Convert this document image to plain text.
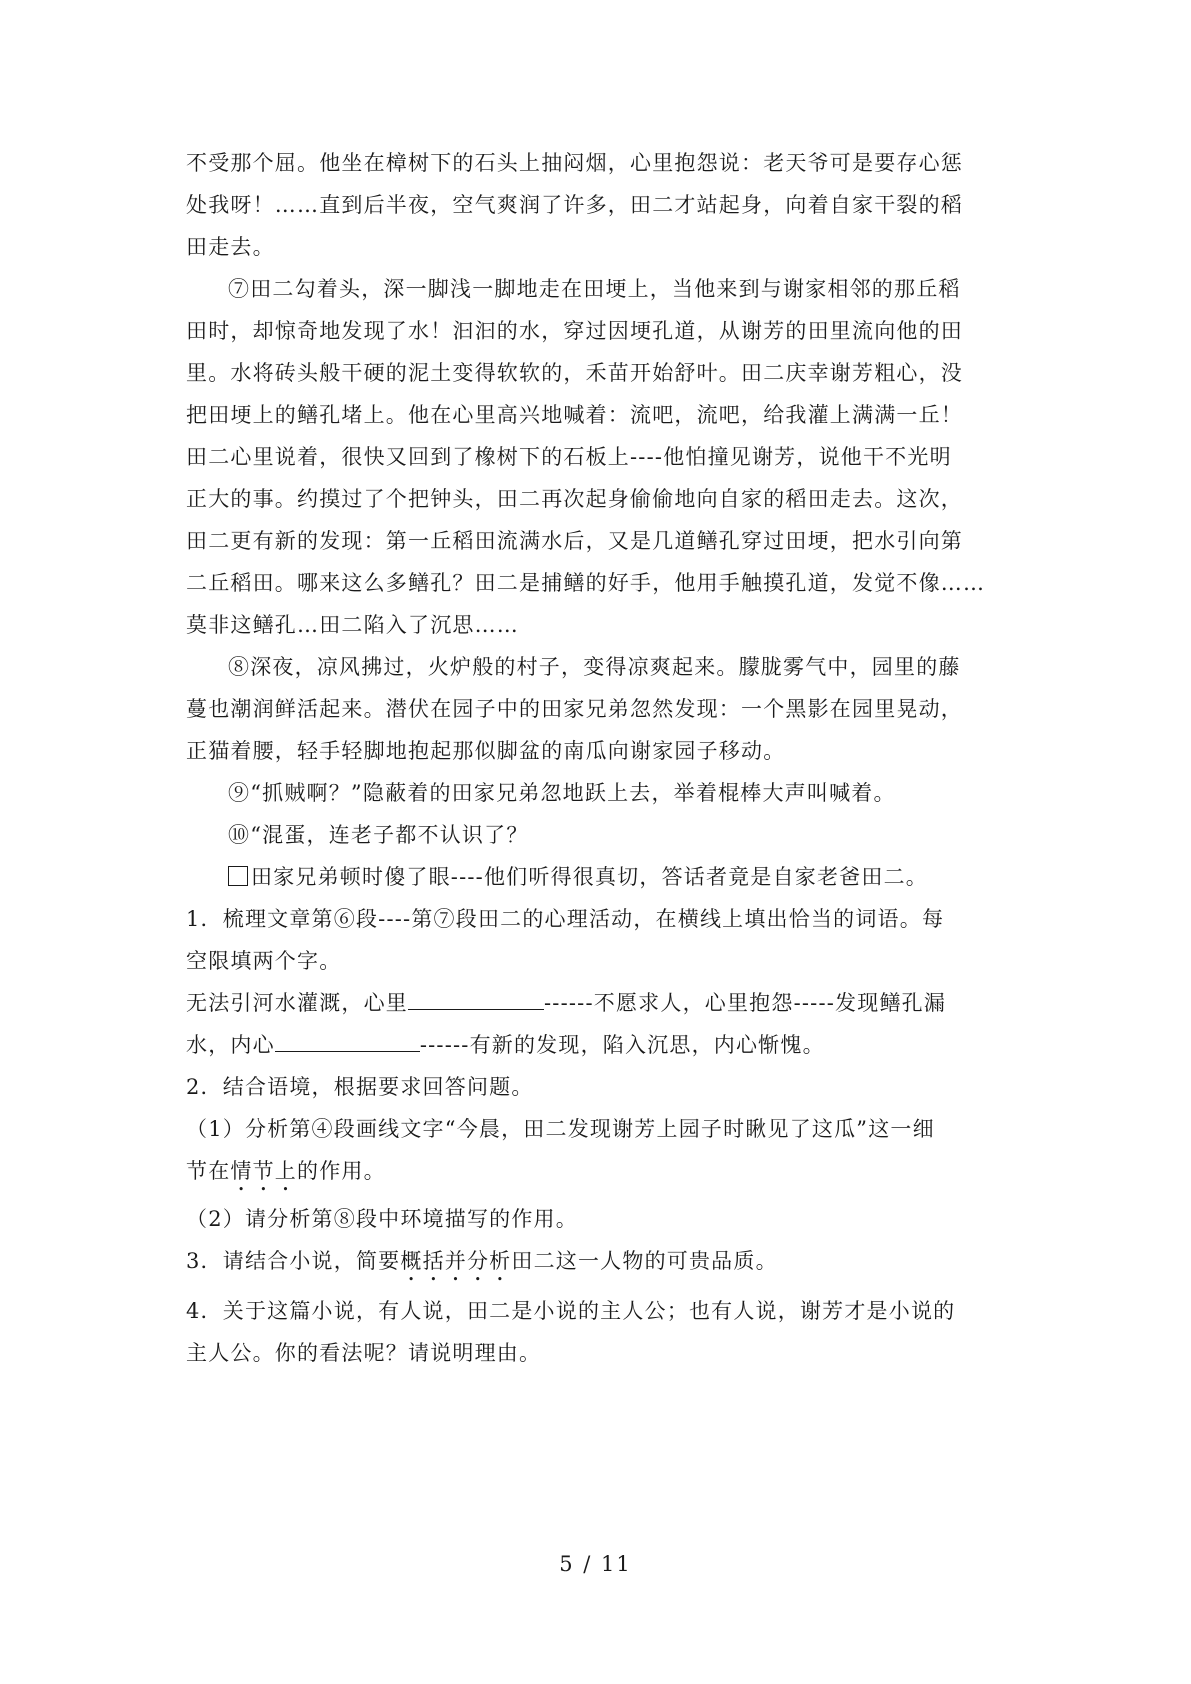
不受那个屈。他坐在樟树下的石头上抽闷烟，心里抱怨说：老天爷可是要存心惩
处我呀！……直到后半夜，空气爽润了许多，田二才站起身，向着自家干裂的稻
田走去。
⑦田二勾着头，深一脚浅一脚地走在田埂上，当他来到与谢家相邻的那丘稻
田时，却惊奇地发现了水！汩汩的水，穿过因埂孔道，从谢芳的田里流向他的田
里。水将砖头般干硬的泥土变得软软的，禾苗开始舒叶。田二庆幸谢芳粗心，没
把田埂上的鳝孔堵上。他在心里高兴地喊着：流吧，流吧，给我灌上满满一丘！
田二心里说着，很快又回到了橡树下的石板上----他怕撞见谢芳，说他干不光明
正大的事。约摸过了个把钟头，田二再次起身偷偷地向自家的稻田走去。这次，
田二更有新的发现：第一丘稻田流满水后，又是几道鳝孔穿过田埂，把水引向第
二丘稻田。哪来这么多鳝孔？田二是捕鳝的好手，他用手触摸孔道，发觉不像……
莫非这鳝孔…田二陷入了沉思……
⑧深夜，凉风拂过，火炉般的村子，变得凉爽起来。朦胧雾气中，园里的藤
蔓也潮润鲜活起来。潜伏在园子中的田家兄弟忽然发现：一个黑影在园里晃动，
正猫着腰，轻手轻脚地抱起那似脚盆的南瓜向谢家园子移动。
⑨“抓贼啊？”隐蔽着的田家兄弟忽地跃上去，举着棍棒大声叫喊着。
⑩“混蛋，连老子都不认识了？
田家兄弟顿时傻了眼----他们听得很真切，答话者竟是自家老爸田二。
1．梳理文章第⑥段----第⑦段田二的心理活动，在横线上填出恰当的词语。每
空限填两个字。
无法引河水灌溉，心里	------不愿求人，心里抱怨-----发现鳝孔漏
水，内心	------有新的发现，陷入沉思，内心惭愧。
2．结合语境，根据要求回答问题。
（1）分析第④段画线文字“今晨，田二发现谢芳上园子时瞅见了这瓜”这一细
节在情节上的作用。
（2）请分析第⑧段中环境描写的作用。
3．请结合小说，简要概括并分析田二这一人物的可贵品质。
4．关于这篇小说，有人说，田二是小说的主人公；也有人说，谢芳才是小说的
主人公。你的看法呢？请说明理由。
5 / 11
